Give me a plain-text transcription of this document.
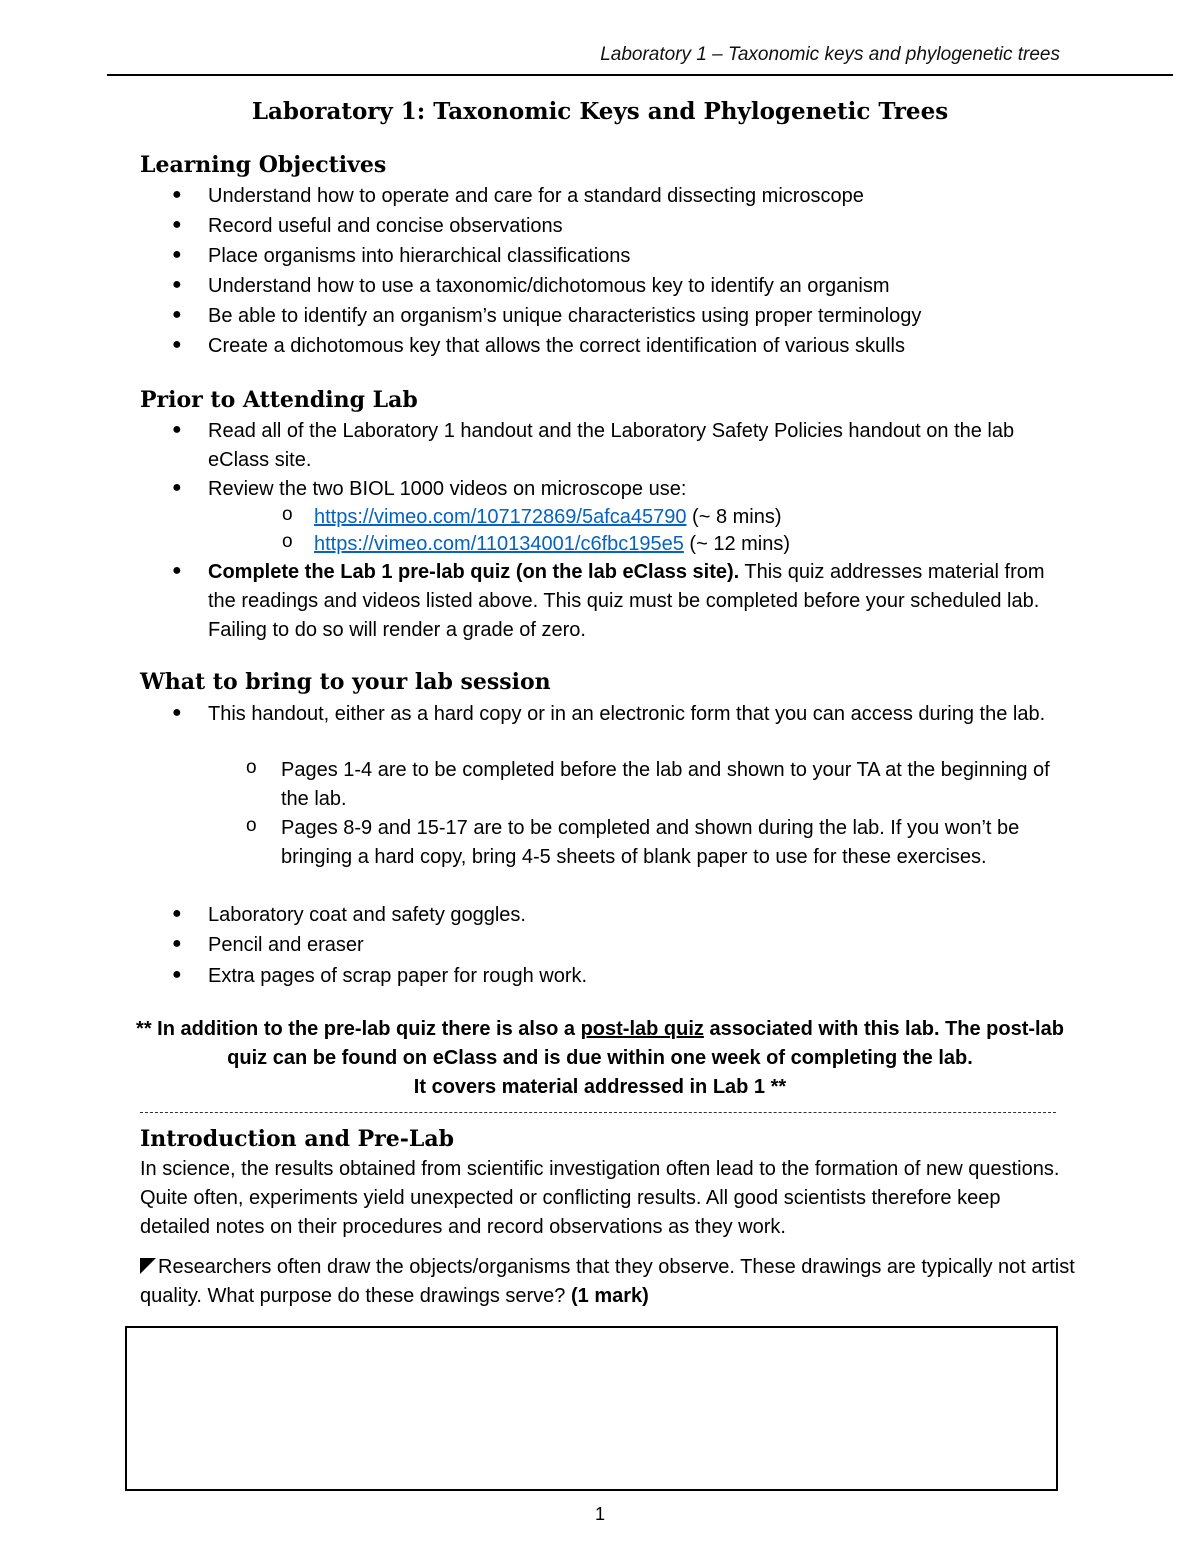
Laboratory 1 – Taxonomic keys and phylogenetic trees
Laboratory 1: Taxonomic Keys and Phylogenetic Trees
Learning Objectives
● Understand how to operate and care for a standard dissecting microscope
● Record useful and concise observations
● Place organisms into hierarchical classifications
● Understand how to use a taxonomic/dichotomous key to identify an organism
● Be able to identify an organism’s unique characteristics using proper terminology
● Create a dichotomous key that allows the correct identification of various skulls
Prior to Attending Lab
● Read all of the Laboratory 1 handout and the Laboratory Safety Policies handout on the lab eClass site.
● Review the two BIOL 1000 videos on microscope use:
o https://vimeo.com/107172869/5afca45790 (~ 8 mins)
o https://vimeo.com/110134001/c6fbc195e5 (~ 12 mins)
● Complete the Lab 1 pre-lab quiz (on the lab eClass site). This quiz addresses material from the readings and videos listed above. This quiz must be completed before your scheduled lab. Failing to do so will render a grade of zero.
What to bring to your lab session
● This handout, either as a hard copy or in an electronic form that you can access during the lab.
o Pages 1-4 are to be completed before the lab and shown to your TA at the beginning of the lab.
o Pages 8-9 and 15-17 are to be completed and shown during the lab. If you won’t be bringing a hard copy, bring 4-5 sheets of blank paper to use for these exercises.
● Laboratory coat and safety goggles.
● Pencil and eraser
● Extra pages of scrap paper for rough work.
** In addition to the pre-lab quiz there is also a post-lab quiz associated with this lab. The post-lab quiz can be found on eClass and is due within one week of completing the lab.
It covers material addressed in Lab 1 **
Introduction and Pre-Lab
In science, the results obtained from scientific investigation often lead to the formation of new questions. Quite often, experiments yield unexpected or conflicting results. All good scientists therefore keep detailed notes on their procedures and record observations as they work.
Researchers often draw the objects/organisms that they observe. These drawings are typically not artist quality. What purpose do these drawings serve? (1 mark)
1
